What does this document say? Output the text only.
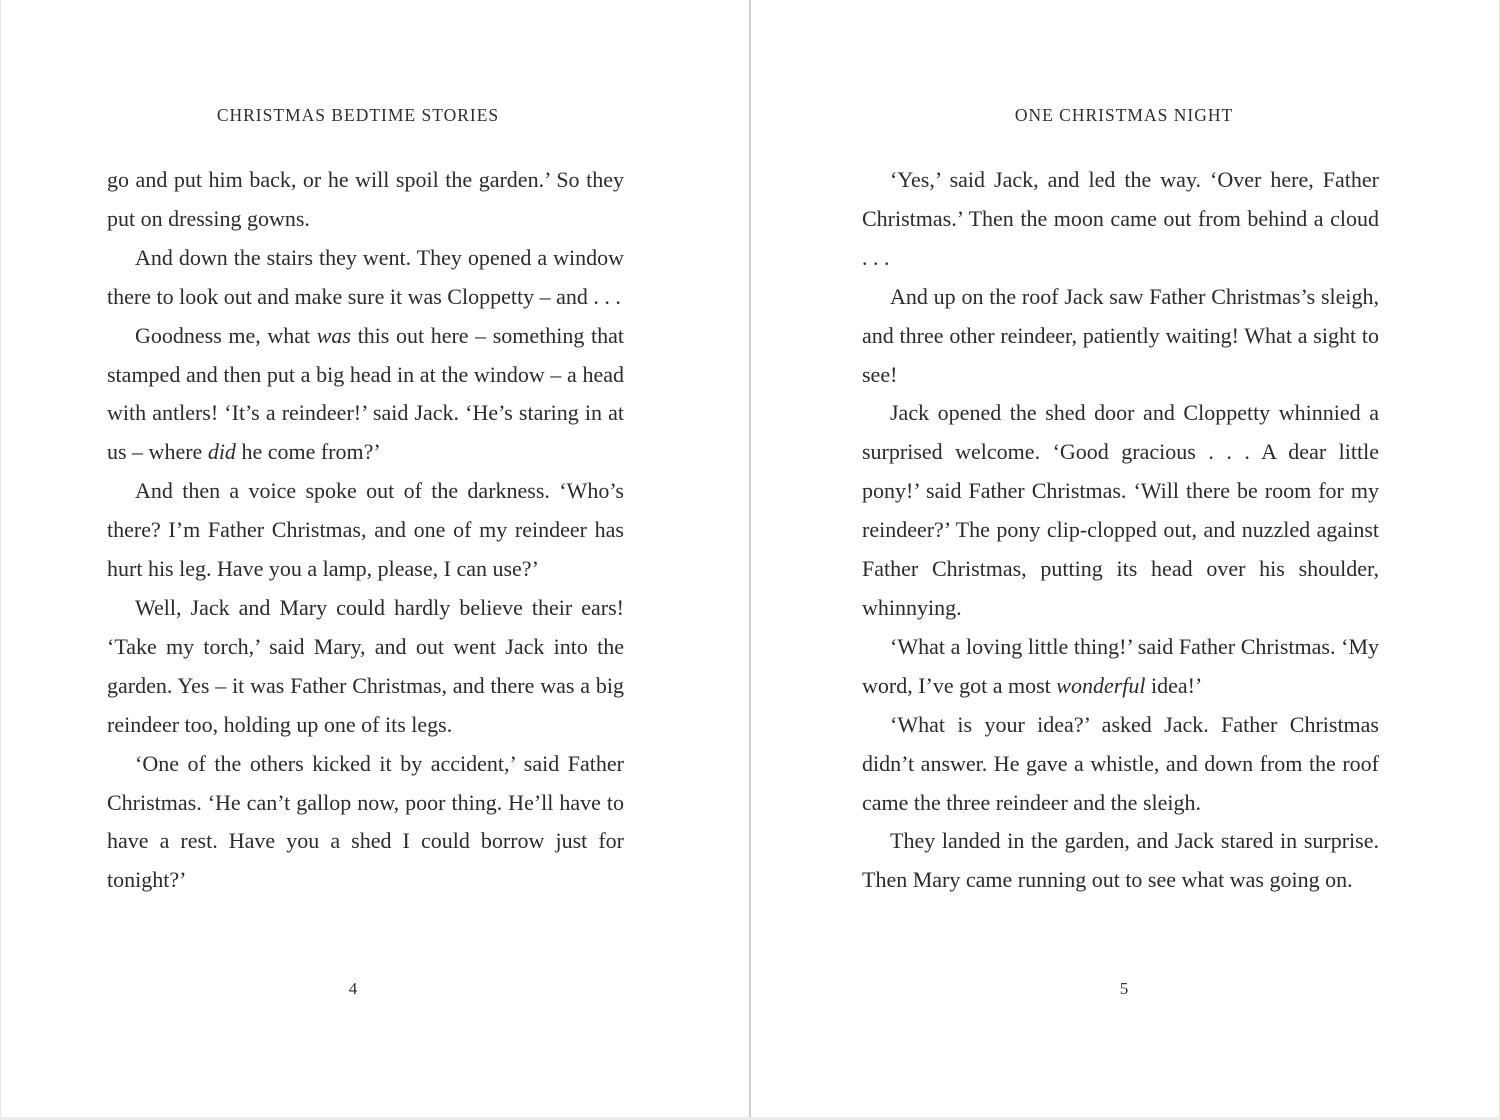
CHRISTMAS BEDTIME STORIES

go and put him back, or he will spoil the garden.’ So they put on dressing gowns.

And down the stairs they went. They opened a window there to look out and make sure it was Cloppetty – and . . .

Goodness me, what was this out here – something that stamped and then put a big head in at the window – a head with antlers! ‘It’s a reindeer!’ said Jack. ‘He’s staring in at us – where did he come from?’

And then a voice spoke out of the darkness. ‘Who’s there? I’m Father Christmas, and one of my reindeer has hurt his leg. Have you a lamp, please, I can use?’

Well, Jack and Mary could hardly believe their ears! ‘Take my torch,’ said Mary, and out went Jack into the garden. Yes – it was Father Christmas, and there was a big reindeer too, holding up one of its legs.

‘One of the others kicked it by accident,’ said Father Christmas. ‘He can’t gallop now, poor thing. He’ll have to have a rest. Have you a shed I could borrow just for tonight?’

4
ONE CHRISTMAS NIGHT

‘Yes,’ said Jack, and led the way. ‘Over here, Father Christmas.’ Then the moon came out from behind a cloud . . .

And up on the roof Jack saw Father Christmas’s sleigh, and three other reindeer, patiently waiting! What a sight to see!

Jack opened the shed door and Cloppetty whinnied a surprised welcome. ‘Good gracious . . . A dear little pony!’ said Father Christmas. ‘Will there be room for my reindeer?’ The pony clip-clopped out, and nuzzled against Father Christmas, putting its head over his shoulder, whinnying.

‘What a loving little thing!’ said Father Christmas. ‘My word, I’ve got a most wonderful idea!’

‘What is your idea?’ asked Jack. Father Christmas didn’t answer. He gave a whistle, and down from the roof came the three reindeer and the sleigh.

They landed in the garden, and Jack stared in surprise. Then Mary came running out to see what was going on.

5
